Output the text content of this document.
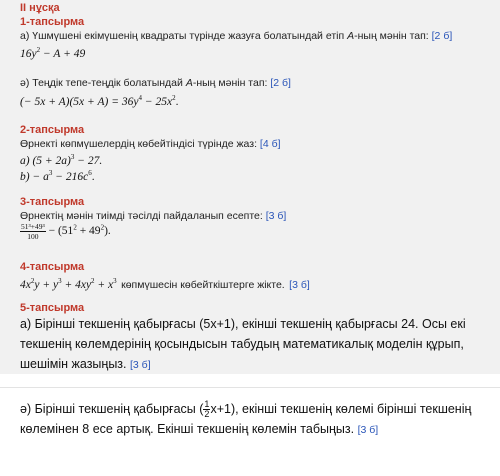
ІІ нұсқа
1-тапсырма
а) Үшмүшені екімүшенің квадраты түрінде жазуға болатындай етіп A-ның мәнін тап: [2 б]
$16y^2 - A + 49$
ә) Теңдік тепе-теңдік болатындай A-ның мәнін тап: [2 б]
(− $5x + A)(5x + A) = 36y^4 - 25x^2$.
2-тапсырма
Өрнекті көпмүшелердің көбейтіндісі түрінде жаз: [4 б]
а) $(5 + 2a)^3 - 27$.
$b) - a^3 - 216c^6$.
3-тапсырма
Өрнектің мәнін тиімді тәсілді пайдаланып есепте: [3 б]
$\frac{\text{51³+49³}}{100} - (51^2 + 49^2)$.
4-тапсырма
$4x^2y + y^3 + 4xy^2 + x^3$ көпмүшесін көбейткіштерге жікте. [3 б]
5-тапсырма
а) Бірінші текшенің қабырғасы (5x+1), екінші текшенің қабырғасы 24. Осы екі текшенің көлемдерінің қосындысын табудың математикалық моделін құрып, шешімін жазыңыз. [3 б]
ә) Бірінші текшенің қабырғасы ( $\frac{1}{2}x+1$), екінші текшенің көлемі бірінші текшенің көлемінен 8 есе артық. Екінші текшенің көлемін табыңыз. [3 б]
